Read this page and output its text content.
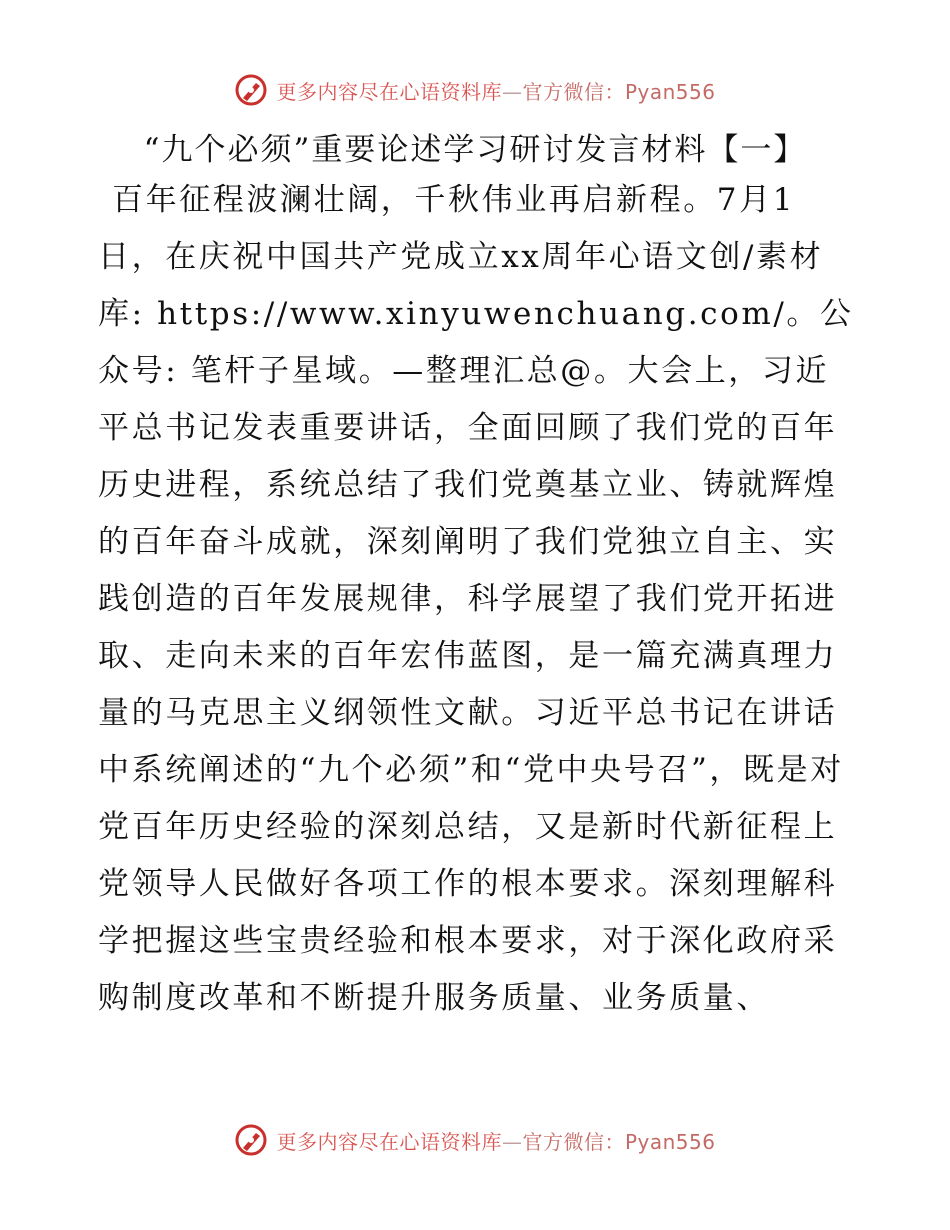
更多内容尽在心语资料库—官方微信：Pyan556
“九个必须”重要论述学习研讨发言材料【一】
百年征程波澜壮阔，千秋伟业再启新程。7月1日，在庆祝中国共产党成立xx周年心语文创/素材库: https://www.xinyuwenchuang.com/。公众号: 笔杆子星域。—整理汇总@。大会上，习近平总书记发表重要讲话，全面回顾了我们党的百年历史进程，系统总结了我们党奠基立业、铸就辉煌的百年奋斗成就，深刻阐明了我们党独立自主、实践创造的百年发展规律，科学展望了我们党开拓进取、走向未来的百年宏伟蓝图，是一篇充满真理力量的马克思主义纲领性文献。习近平总书记在讲话中系统阐述的“九个必须”和“党中央号召”，既是对党百年历史经验的深刻总结，又是新时代新征程上党领导人民做好各项工作的根本要求。深刻理解科学把握这些宝贵经验和根本要求，对于深化政府采购制度改革和不断提升服务质量、业务质量、
更多内容尽在心语资料库—官方微信：Pyan556
